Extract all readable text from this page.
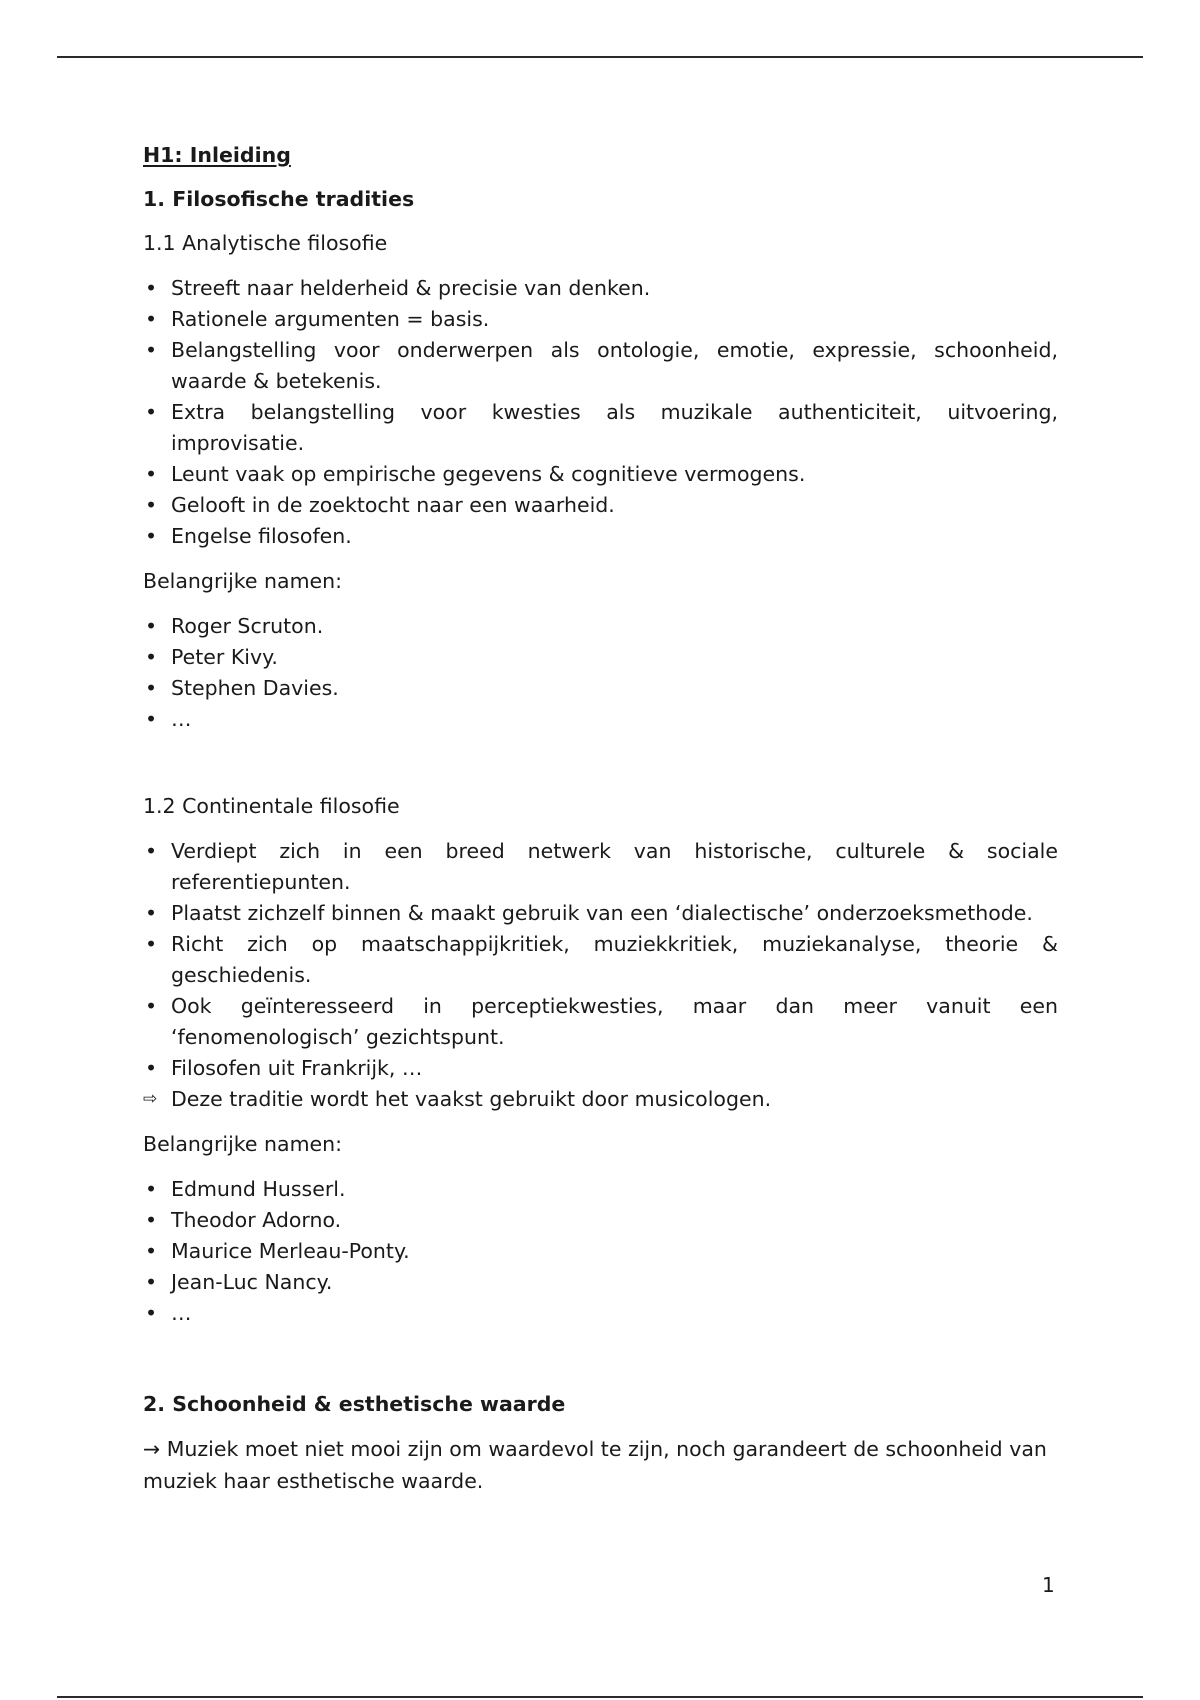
H1: Inleiding
1. Filosofische tradities
1.1 Analytische filosofie
• Streeft naar helderheid & precisie van denken.
• Rationele argumenten = basis.
• Belangstelling voor onderwerpen als ontologie, emotie, expressie, schoonheid, waarde & betekenis.
• Extra belangstelling voor kwesties als muzikale authenticiteit, uitvoering, improvisatie.
• Leunt vaak op empirische gegevens & cognitieve vermogens.
• Gelooft in de zoektocht naar een waarheid.
• Engelse filosofen.
Belangrijke namen:
• Roger Scruton.
• Peter Kivy.
• Stephen Davies.
• …
1.2 Continentale filosofie
• Verdiept zich in een breed netwerk van historische, culturele & sociale referentiepunten.
• Plaatst zichzelf binnen & maakt gebruik van een ‘dialectische’ onderzoeksmethode.
• Richt zich op maatschappijkritiek, muziekkritiek, muziekanalyse, theorie & geschiedenis.
• Ook geïnteresseerd in perceptiekwesties, maar dan meer vanuit een ‘fenomenologisch’ gezichtspunt.
• Filosofen uit Frankrijk, …
⇨ Deze traditie wordt het vaakst gebruikt door musicologen.
Belangrijke namen:
• Edmund Husserl.
• Theodor Adorno.
• Maurice Merleau-Ponty.
• Jean-Luc Nancy.
• …
2. Schoonheid & esthetische waarde

→ Muziek moet niet mooi zijn om waardevol te zijn, noch garandeert de schoonheid van muziek haar esthetische waarde.

1
